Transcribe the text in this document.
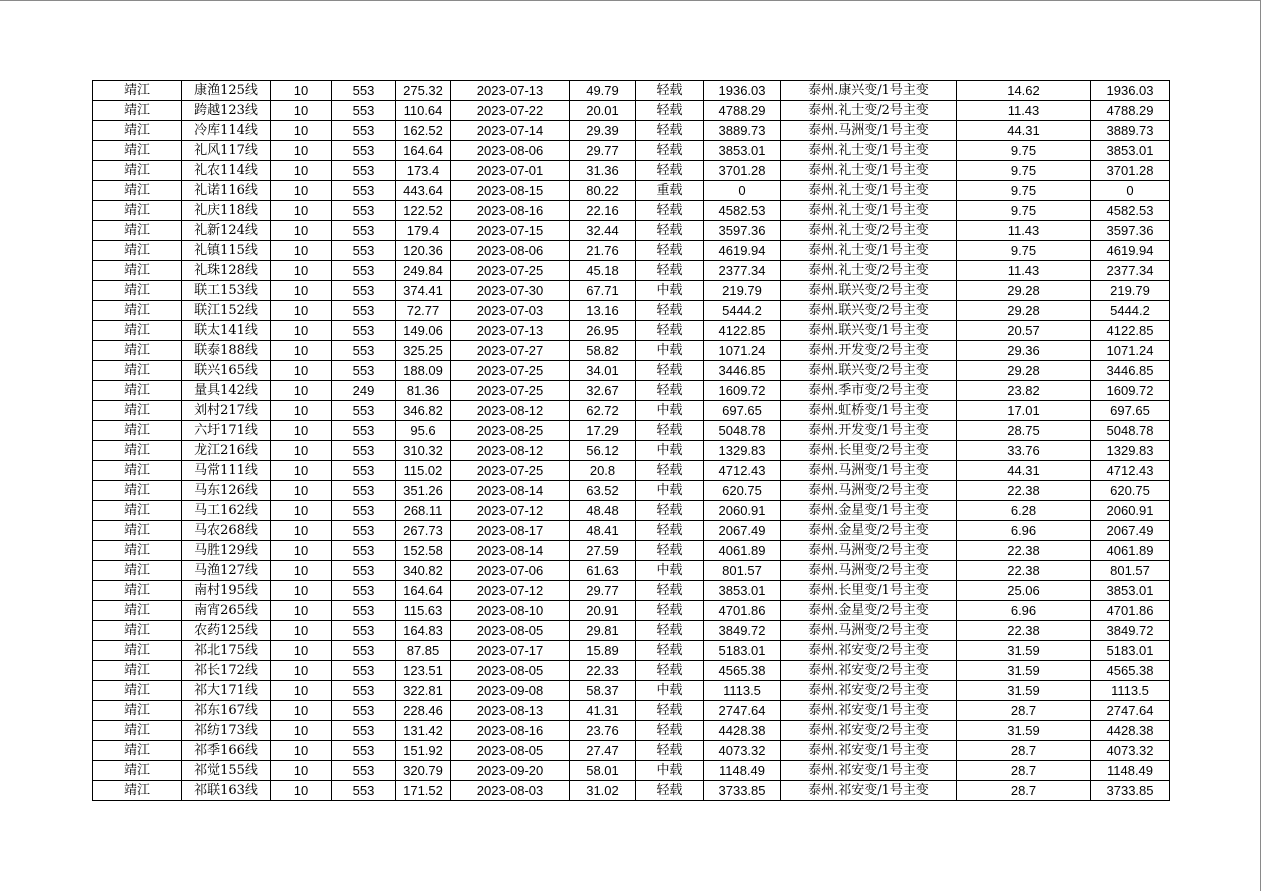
靖江	康渔125线	10	553	275.32	2023-07-13	49.79	轻载	1936.03	泰州.康兴变/1号主变	14.62	1936.03
靖江	跨越123线	10	553	110.64	2023-07-22	20.01	轻载	4788.29	泰州.礼士变/2号主变	11.43	4788.29
靖江	冷库114线	10	553	162.52	2023-07-14	29.39	轻载	3889.73	泰州.马洲变/1号主变	44.31	3889.73
靖江	礼风117线	10	553	164.64	2023-08-06	29.77	轻载	3853.01	泰州.礼士变/1号主变	9.75	3853.01
靖江	礼农114线	10	553	173.4	2023-07-01	31.36	轻载	3701.28	泰州.礼士变/1号主变	9.75	3701.28
靖江	礼诺116线	10	553	443.64	2023-08-15	80.22	重载	0	泰州.礼士变/1号主变	9.75	0
靖江	礼庆118线	10	553	122.52	2023-08-16	22.16	轻载	4582.53	泰州.礼士变/1号主变	9.75	4582.53
靖江	礼新124线	10	553	179.4	2023-07-15	32.44	轻载	3597.36	泰州.礼士变/2号主变	11.43	3597.36
靖江	礼镇115线	10	553	120.36	2023-08-06	21.76	轻载	4619.94	泰州.礼士变/1号主变	9.75	4619.94
靖江	礼珠128线	10	553	249.84	2023-07-25	45.18	轻载	2377.34	泰州.礼士变/2号主变	11.43	2377.34
靖江	联工153线	10	553	374.41	2023-07-30	67.71	中载	219.79	泰州.联兴变/2号主变	29.28	219.79
靖江	联江152线	10	553	72.77	2023-07-03	13.16	轻载	5444.2	泰州.联兴变/2号主变	29.28	5444.2
靖江	联太141线	10	553	149.06	2023-07-13	26.95	轻载	4122.85	泰州.联兴变/1号主变	20.57	4122.85
靖江	联泰188线	10	553	325.25	2023-07-27	58.82	中载	1071.24	泰州.开发变/2号主变	29.36	1071.24
靖江	联兴165线	10	553	188.09	2023-07-25	34.01	轻载	3446.85	泰州.联兴变/2号主变	29.28	3446.85
靖江	量具142线	10	249	81.36	2023-07-25	32.67	轻载	1609.72	泰州.季市变/2号主变	23.82	1609.72
靖江	刘村217线	10	553	346.82	2023-08-12	62.72	中载	697.65	泰州.虹桥变/1号主变	17.01	697.65
靖江	六圩171线	10	553	95.6	2023-08-25	17.29	轻载	5048.78	泰州.开发变/1号主变	28.75	5048.78
靖江	龙江216线	10	553	310.32	2023-08-12	56.12	中载	1329.83	泰州.长里变/2号主变	33.76	1329.83
靖江	马常111线	10	553	115.02	2023-07-25	20.8	轻载	4712.43	泰州.马洲变/1号主变	44.31	4712.43
靖江	马东126线	10	553	351.26	2023-08-14	63.52	中载	620.75	泰州.马洲变/2号主变	22.38	620.75
靖江	马工162线	10	553	268.11	2023-07-12	48.48	轻载	2060.91	泰州.金星变/1号主变	6.28	2060.91
靖江	马农268线	10	553	267.73	2023-08-17	48.41	轻载	2067.49	泰州.金星变/2号主变	6.96	2067.49
靖江	马胜129线	10	553	152.58	2023-08-14	27.59	轻载	4061.89	泰州.马洲变/2号主变	22.38	4061.89
靖江	马渔127线	10	553	340.82	2023-07-06	61.63	中载	801.57	泰州.马洲变/2号主变	22.38	801.57
靖江	南村195线	10	553	164.64	2023-07-12	29.77	轻载	3853.01	泰州.长里变/1号主变	25.06	3853.01
靖江	南宵265线	10	553	115.63	2023-08-10	20.91	轻载	4701.86	泰州.金星变/2号主变	6.96	4701.86
靖江	农药125线	10	553	164.83	2023-08-05	29.81	轻载	3849.72	泰州.马洲变/2号主变	22.38	3849.72
靖江	祁北175线	10	553	87.85	2023-07-17	15.89	轻载	5183.01	泰州.祁安变/2号主变	31.59	5183.01
靖江	祁长172线	10	553	123.51	2023-08-05	22.33	轻载	4565.38	泰州.祁安变/2号主变	31.59	4565.38
靖江	祁大171线	10	553	322.81	2023-09-08	58.37	中载	1113.5	泰州.祁安变/2号主变	31.59	1113.5
靖江	祁东167线	10	553	228.46	2023-08-13	41.31	轻载	2747.64	泰州.祁安变/1号主变	28.7	2747.64
靖江	祁纺173线	10	553	131.42	2023-08-16	23.76	轻载	4428.38	泰州.祁安变/2号主变	31.59	4428.38
靖江	祁季166线	10	553	151.92	2023-08-05	27.47	轻载	4073.32	泰州.祁安变/1号主变	28.7	4073.32
靖江	祁觉155线	10	553	320.79	2023-09-20	58.01	中载	1148.49	泰州.祁安变/1号主变	28.7	1148.49
靖江	祁联163线	10	553	171.52	2023-08-03	31.02	轻载	3733.85	泰州.祁安变/1号主变	28.7	3733.85
